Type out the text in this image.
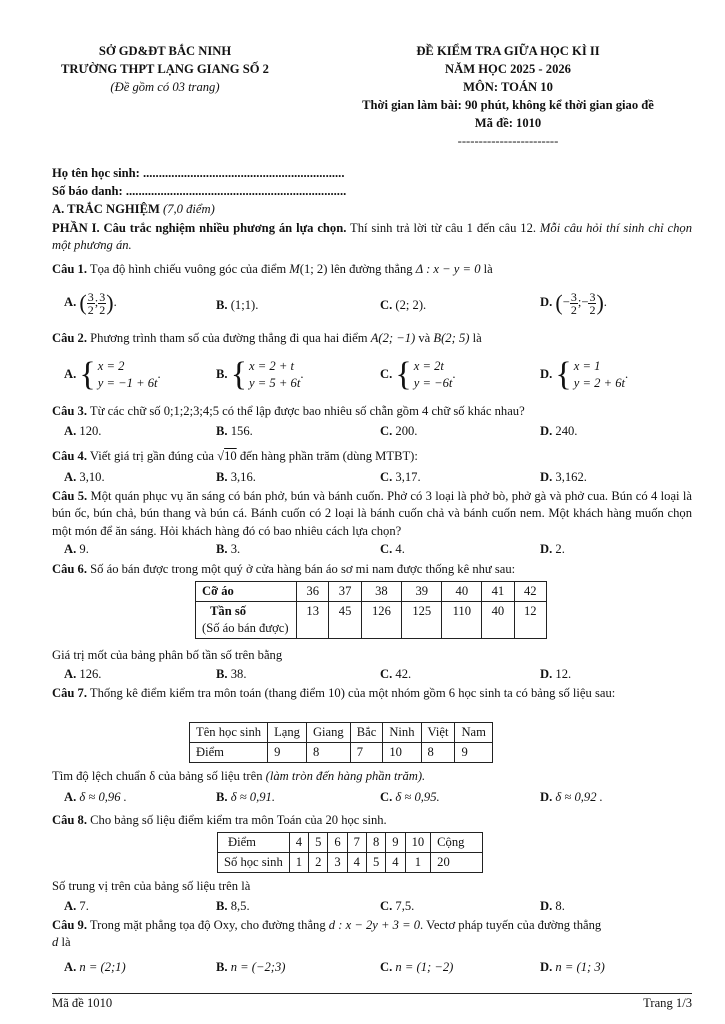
SỞ GD&ĐT BẮC NINH
TRƯỜNG THPT LẠNG GIANG SỐ 2
(Đề gồm có 03 trang)
ĐỀ KIỂM TRA GIỮA HỌC KÌ II
NĂM HỌC 2025 - 2026
MÔN: TOÁN 10
Thời gian làm bài: 90 phút, không kể thời gian giao đề
Mã đề: 1010
------------------------
Họ tên học sinh: ................................................................
Số báo danh: ......................................................................
A. TRẮC NGHIỆM (7,0 điểm)
PHẦN I. Câu trắc nghiệm nhiều phương án lựa chọn. Thí sinh trả lời từ câu 1 đến câu 12. Mỗi câu hỏi thí sinh chỉ chọn một phương án.
Câu 1. Tọa độ hình chiếu vuông góc của điểm M(1; 2) lên đường thẳng Δ : x − y = 0 là
A. ( $\frac{3}{2}$ ; $\frac{3}{2}$ ).	B. (1;1).	C. (2; 2).	D. (− $\frac{3}{2}$ ;− $\frac{3}{2}$ ).
Câu 2. Phương trình tham số của đường thẳng đi qua hai điểm A(2; −1) và B(2; 5) là
A. { x = 2
y = −1 + 6t
.	B. { x = 2 + t
y = 5 + 6t
.	C. { x = 2t
y = −6t
.	D. { x = 1
y = 2 + 6t
.
Câu 3. Từ các chữ số 0;1;2;3;4;5 có thể lập được bao nhiêu số chẵn gồm 4 chữ số khác nhau?
A. 120.	B. 156.	C. 200.	D. 240.
Câu 4. Viết giá trị gần đúng của √10 đến hàng phần trăm (dùng MTBT):
A. 3,10.	B. 3,16.	C. 3,17.	D. 3,162.
Câu 5. Một quán phục vụ ăn sáng có bán phở, bún và bánh cuốn. Phở có 3 loại là phở bò, phở gà và phở cua. Bún có 4 loại là bún ốc, bún chả, bún thang và bún cá. Bánh cuốn có 2 loại là bánh cuốn chả và bánh cuốn nem. Một khách hàng muốn chọn một món để ăn sáng. Hỏi khách hàng đó có bao nhiêu cách lựa chọn?
A. 9.	B. 3.	C. 4.	D. 2.
Câu 6. Số áo bán được trong một quý ở cửa hàng bán áo sơ mi nam được thống kê như sau:
Cỡ áo	36	37	38	39	40	41	42

Tần số
(Số áo bán được)	13	45	126	125	110	40	12
Giá trị mốt của bảng phân bố tần số trên bằng
A. 126.	B. 38.	C. 42.	D. 12.
Câu 7. Thống kê điểm kiểm tra môn toán (thang điểm 10) của một nhóm gồm 6 học sinh ta có bảng số liệu sau:
Tên học sinh	Lạng	Giang	Bắc	Ninh	Việt	Nam
Điểm	9	8	7	10	8	9
Tìm độ lệch chuẩn δ của bảng số liệu trên (làm tròn đến hàng phần trăm).
A. δ ≈ 0,96 .	B. δ ≈ 0,91.	C. δ ≈ 0,95.	D. δ ≈ 0,92 .
Câu 8. Cho bảng số liệu điểm kiểm tra môn Toán của 20 học sinh.
Điểm	4	5	6	7	8	9	10	Cộng
Số học sinh	1	2	3	4	5	4	1	20
Số trung vị trên của bảng số liệu trên là
A. 7.	B. 8,5.	C. 7,5.	D. 8.
Câu 9. Trong mặt phẳng tọa độ Oxy, cho đường thẳng d : x − 2y + 3 = 0. Vectơ pháp tuyến của đường thẳng
d là
A. n = (2;1)	B. n = (−2;3)	C. n = (1; −2)	D. n = (1; 3)
Mã đề 1010	Trang 1/3
